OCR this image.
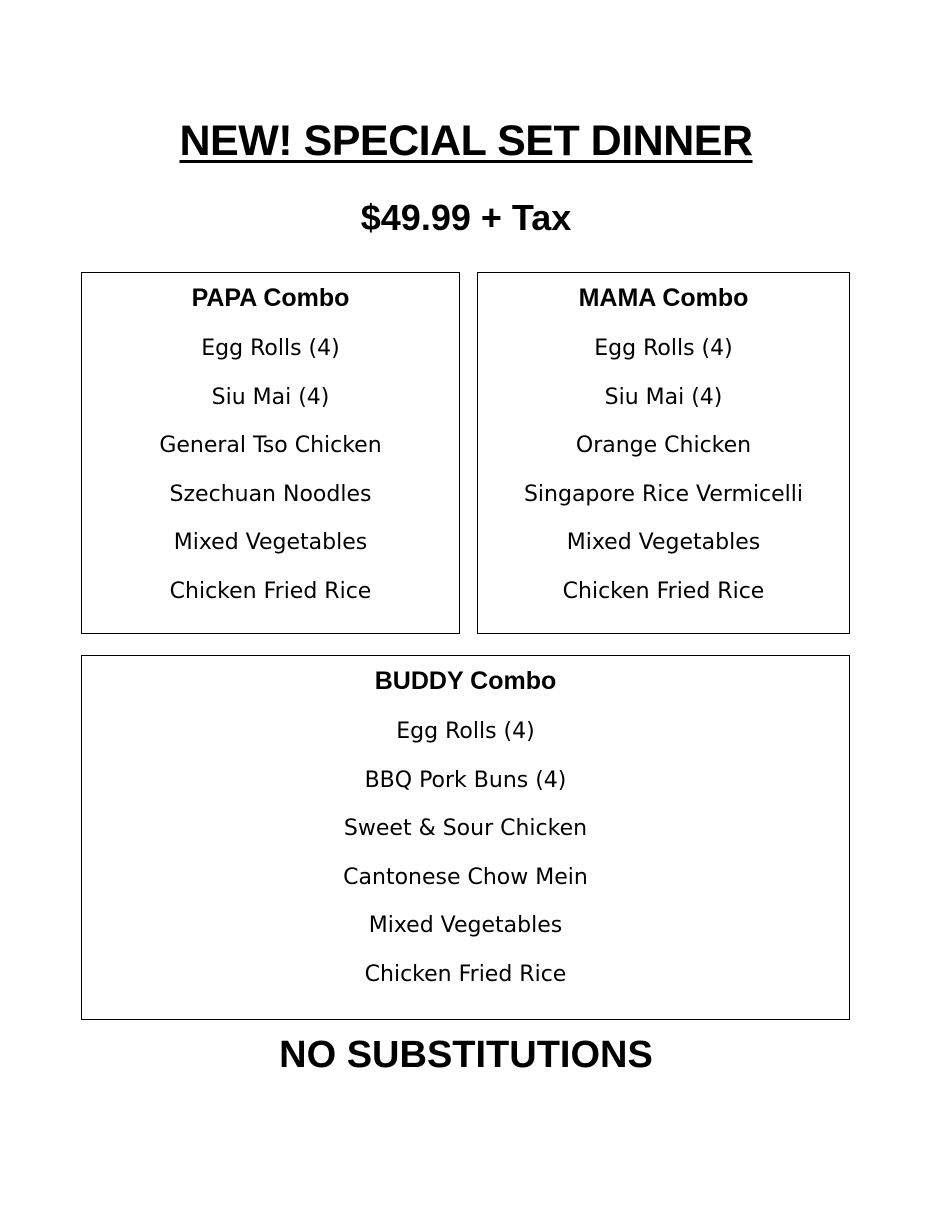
NEW! SPECIAL SET DINNER
$49.99 + Tax
PAPA Combo
Egg Rolls (4)
Siu Mai (4)
General Tso Chicken
Szechuan Noodles
Mixed Vegetables
Chicken Fried Rice
MAMA Combo
Egg Rolls (4)
Siu Mai (4)
Orange Chicken
Singapore Rice Vermicelli
Mixed Vegetables
Chicken Fried Rice
BUDDY Combo
Egg Rolls (4)
BBQ Pork Buns (4)
Sweet & Sour Chicken
Cantonese Chow Mein
Mixed Vegetables
Chicken Fried Rice
NO SUBSTITUTIONS
